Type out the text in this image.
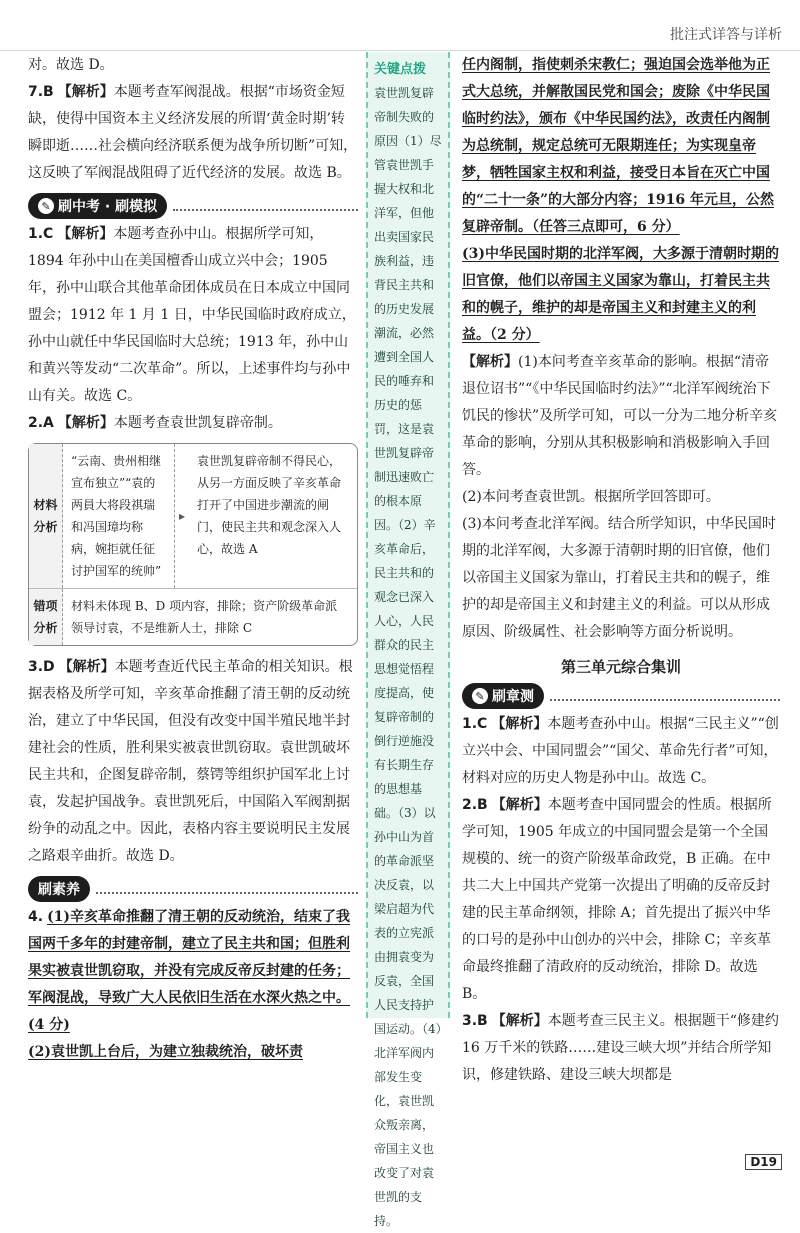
批注式详答与详析

对。故选 D。

7.B 【解析】本题考查军阀混战。根据“市场资金短缺，使得中国资本主义经济发展的所谓‘黄金时期’转瞬即逝……社会横向经济联系便为战争所切断”可知，这反映了军阀混战阻碍了近代经济的发展。故选 B。

✎ 刷中考 · 刷模拟

1.C 【解析】本题考查孙中山。根据所学可知，1894 年孙中山在美国檀香山成立兴中会；1905 年，孙中山联合其他革命团体成员在日本成立中国同盟会；1912 年 1 月 1 日，中华民国临时政府成立，孙中山就任中华民国临时大总统；1913 年，孙中山和黄兴等发动“二次革命”。所以，上述事件均与孙中山有关。故选 C。

2.A 【解析】本题考查袁世凯复辟帝制。

材料分析
“云南、贵州相继宣布独立”“袁的两員大将段祺瑞和冯国璋均称病，婉拒就任征讨护国军的统帅”
▸
袁世凯复辟帝制不得民心，从另一方面反映了辛亥革命打开了中国进步潮流的闸门，使民主共和观念深入人心，故选 A
错项分析
材料未体现 B、D 项内容，排除；资产阶级革命派领导讨袁，不是维新人士，排除 C

3.D 【解析】本题考查近代民主革命的相关知识。根据表格及所学可知，辛亥革命推翻了清王朝的反动统治，建立了中华民国，但没有改变中国半殖民地半封建社会的性质，胜利果实被袁世凯窃取。袁世凯破坏民主共和，企图复辟帝制，蔡锷等组织护国军北上讨袁，发起护国战争。袁世凯死后，中国陷入军阀割据纷争的动乱之中。因此，表格内容主要说明民主发展之路艰辛曲折。故选 D。

刷素养

4. (1)辛亥革命推翻了清王朝的反动统治，结束了我国两千多年的封建帝制，建立了民主共和国；但胜利果实被袁世凯窃取，并没有完成反帝反封建的任务；军阀混战，导致广大人民依旧生活在水深火热之中。(4 分)

(2)袁世凯上台后，为建立独裁统治，破坏责

关键点拨
袁世凯复辟帝制失败的原因（1）尽管袁世凯手握大权和北洋军，但他出卖国家民族利益，违背民主共和的历史发展潮流，必然遭到全国人民的唾弃和历史的惩罚，这是袁世凯复辟帝制迅速败亡的根本原因。（2）辛亥革命后，民主共和的观念已深入人心，人民群众的民主思想觉悟程度提高，使复辟帝制的倒行逆施没有长期生存的思想基础。（3）以孙中山为首的革命派坚决反袁，以梁启超为代表的立宪派由拥袁变为反袁，全国人民支持护国运动。（4）北洋军阀内部发生变化，袁世凯众叛亲离，帝国主义也改变了对袁世凯的支持。

任内阁制，指使刺杀宋教仁；强迫国会选举他为正式大总统，并解散国民党和国会；废除《中华民国临时约法》，颁布《中华民国约法》，改责任内阁制为总统制，规定总统可无限期连任；为实现皇帝梦，牺牲国家主权和利益，接受日本旨在灭亡中国的“二十一条”的大部分内容；1916 年元旦，公然复辟帝制。（任答三点即可，6 分）

(3)中华民国时期的北洋军阀，大多源于清朝时期的旧官僚，他们以帝国主义国家为靠山，打着民主共和的幌子，维护的却是帝国主义和封建主义的利益。（2 分）

【解析】(1)本问考查辛亥革命的影响。根据“清帝退位诏书”“《中华民国临时约法》”“北洋军阀统治下饥民的惨状”及所学可知，可以一分为二地分析辛亥革命的影响，分别从其积极影响和消极影响入手回答。

(2)本问考查袁世凯。根据所学回答即可。

(3)本问考查北洋军阀。结合所学知识，中华民国时期的北洋军阀，大多源于清朝时期的旧官僚，他们以帝国主义国家为靠山，打着民主共和的幌子，维护的却是帝国主义和封建主义的利益。可以从形成原因、阶级属性、社会影响等方面分析说明。

第三单元综合集训
✎ 刷章测

1.C 【解析】本题考查孙中山。根据“三民主义”“创立兴中会、中国同盟会”“国父、革命先行者”可知，材料对应的历史人物是孙中山。故选 C。

2.B 【解析】本题考查中国同盟会的性质。根据所学可知，1905 年成立的中国同盟会是第一个全国规模的、统一的资产阶级革命政党，B 正确。在中共二大上中国共产党第一次提出了明确的反帝反封建的民主革命纲领，排除 A；首先提出了振兴中华的口号的是孙中山创办的兴中会，排除 C；辛亥革命最终推翻了清政府的反动统治，排除 D。故选 B。

3.B 【解析】本题考查三民主义。根据题干“修建约 16 万千米的铁路……建设三峡大坝”并结合所学知识，修建铁路、建设三峡大坝都是

D19
